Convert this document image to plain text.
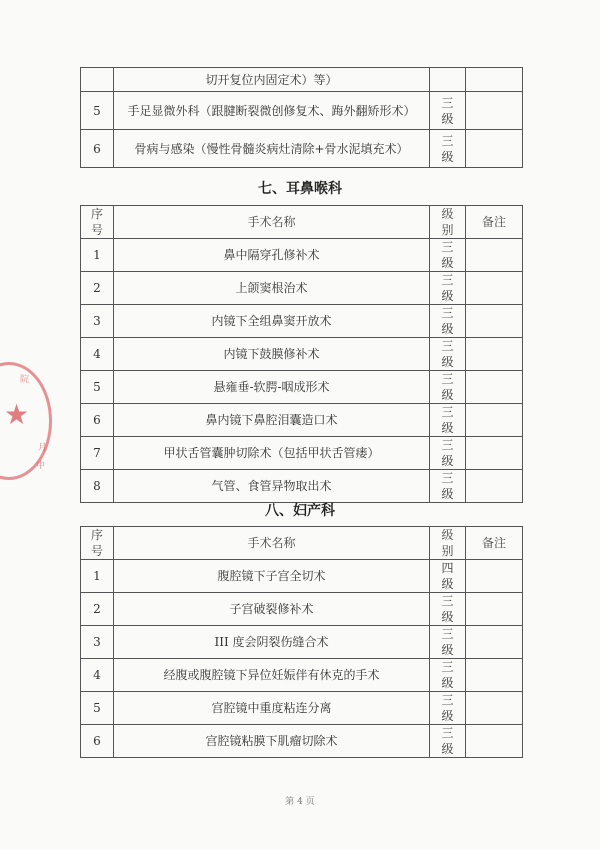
	切开复位内固定术）等）		
5	手足显微外科（跟腱断裂微创修复术、踇外翻矫形术）	三级	
6	骨病与感染（慢性骨髓炎病灶清除+骨水泥填充术）	三级	
七、耳鼻喉科
序号	手术名称	级别	备注
1	鼻中隔穿孔修补术	三级	
2	上颌窦根治术	三级	
3	内镜下全组鼻窦开放术	三级	
4	内镜下鼓膜修补术	三级	
5	悬雍垂-软腭-咽成形术	三级	
6	鼻内镜下鼻腔泪囊造口术	三级	
7	甲状舌管囊肿切除术（包括甲状舌管瘘）	三级	
8	气管、食管异物取出术	三级	
八、妇产科
序号	手术名称	级别	备注
1	腹腔镜下子宫全切术	四级	
2	子宫破裂修补术	三级	
3	III 度会阴裂伤缝合术	三级	
4	经腹或腹腔镜下异位妊娠伴有休克的手术	三级	
5	宫腔镜中重度粘连分离	三级	
6	宫腔镜粘膜下肌瘤切除术	三级	
★
院
月
中
第 4 页
